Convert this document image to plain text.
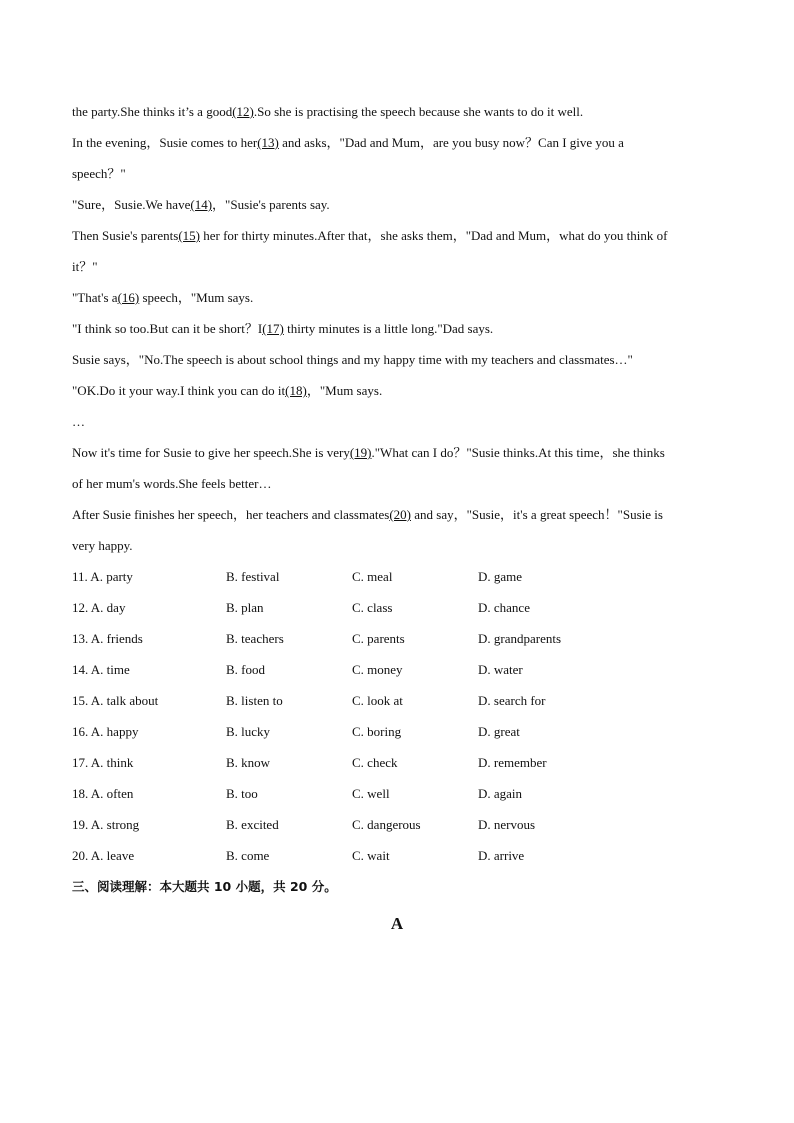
the party.She thinks it’s a good(12).So she is practising the speech because she wants to do it well.
In the evening，Susie comes to her(13) and asks，"Dad and Mum，are you busy now？Can I give you a
speech？"
"Sure，Susie.We have(14)，"Susie's parents say.
Then Susie's parents(15) her for thirty minutes.After that，she asks them，"Dad and Mum，what do you think of
it？"
"That's a(16) speech，"Mum says.
"I think so too.But can it be short？I(17) thirty minutes is a little long."Dad says.
Susie says，"No.The speech is about school things and my happy time with my teachers and classmates…"
"OK.Do it your way.I think you can do it(18)，"Mum says.
…
Now it's time for Susie to give her speech.She is very(19)."What can I do？"Susie thinks.At this time，she thinks
of her mum's words.She feels better…
After Susie finishes her speech，her teachers and classmates(20) and say，"Susie，it's a great speech！"Susie is
very happy.
11. A. party	B. festival	C. meal	D. game
12. A. day	B. plan	C. class	D. chance
13. A. friends	B. teachers	C. parents	D. grandparents
14. A. time	B. food	C. money	D. water
15. A. talk about	B. listen to	C. look at	D. search for
16. A. happy	B. lucky	C. boring	D. great
17. A. think	B. know	C. check	D. remember
18. A. often	B. too	C. well	D. again
19. A. strong	B. excited	C. dangerous	D. nervous
20. A. leave	B. come	C. wait	D. arrive
三、阅读理解：本大题共 10 小题，共 20 分。
A
